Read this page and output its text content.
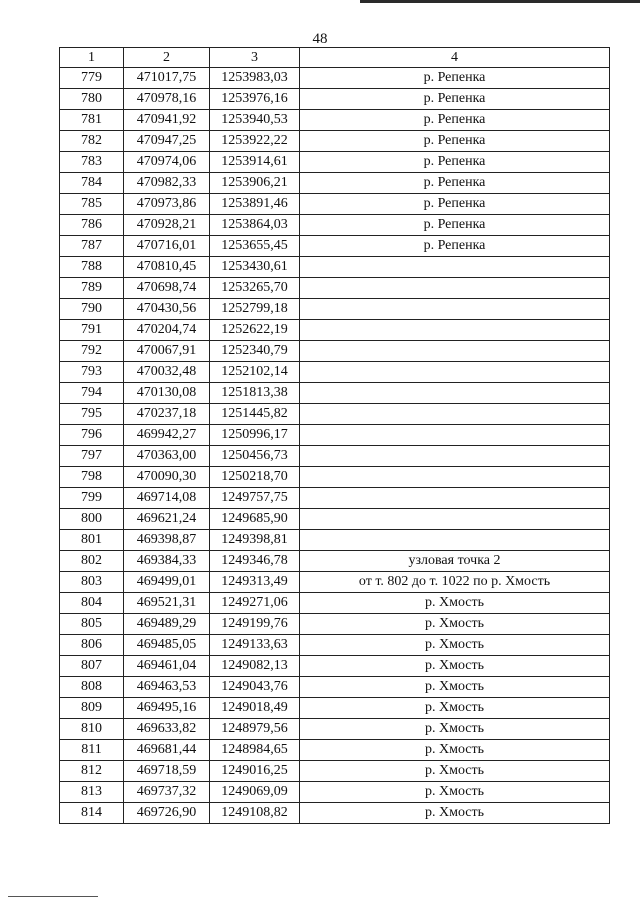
48
1	2	3	4
779	471017,75	1253983,03	р. Репенка
780	470978,16	1253976,16	р. Репенка
781	470941,92	1253940,53	р. Репенка
782	470947,25	1253922,22	р. Репенка
783	470974,06	1253914,61	р. Репенка
784	470982,33	1253906,21	р. Репенка
785	470973,86	1253891,46	р. Репенка
786	470928,21	1253864,03	р. Репенка
787	470716,01	1253655,45	р. Репенка
788	470810,45	1253430,61	
789	470698,74	1253265,70	
790	470430,56	1252799,18	
791	470204,74	1252622,19	
792	470067,91	1252340,79	
793	470032,48	1252102,14	
794	470130,08	1251813,38	
795	470237,18	1251445,82	
796	469942,27	1250996,17	
797	470363,00	1250456,73	
798	470090,30	1250218,70	
799	469714,08	1249757,75	
800	469621,24	1249685,90	
801	469398,87	1249398,81	
802	469384,33	1249346,78	узловая точка 2
803	469499,01	1249313,49	от т. 802 до т. 1022 по р. Хмость
804	469521,31	1249271,06	р. Хмость
805	469489,29	1249199,76	р. Хмость
806	469485,05	1249133,63	р. Хмость
807	469461,04	1249082,13	р. Хмость
808	469463,53	1249043,76	р. Хмость
809	469495,16	1249018,49	р. Хмость
810	469633,82	1248979,56	р. Хмость
811	469681,44	1248984,65	р. Хмость
812	469718,59	1249016,25	р. Хмость
813	469737,32	1249069,09	р. Хмость
814	469726,90	1249108,82	р. Хмость
